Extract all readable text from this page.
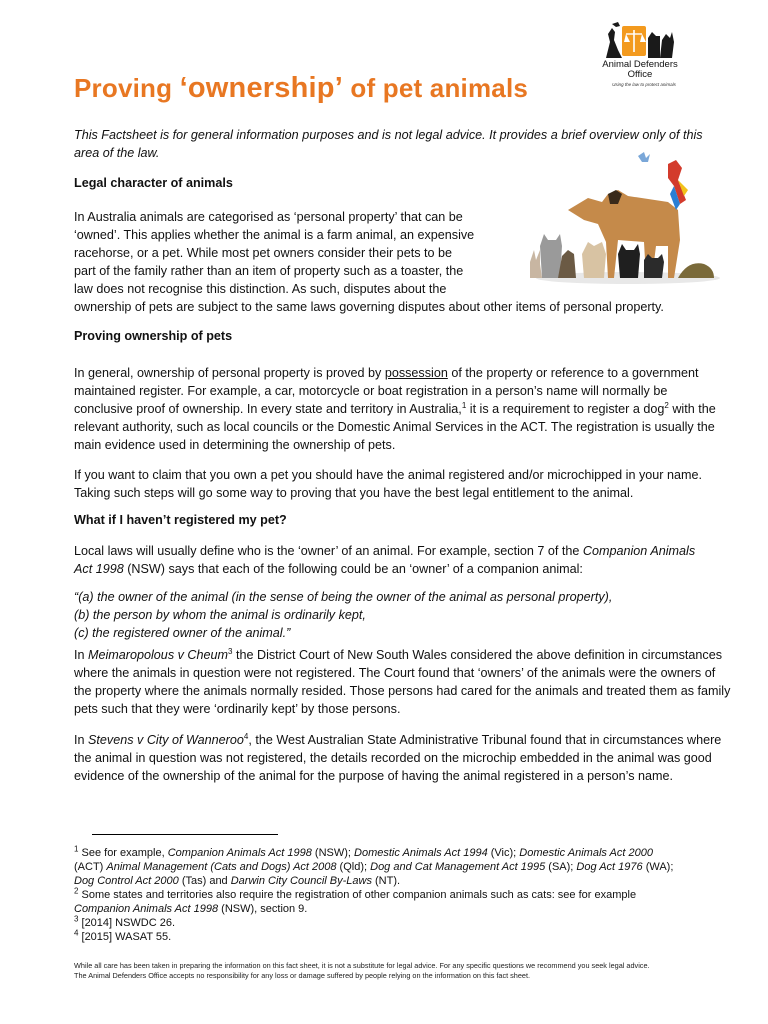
Animal Defenders
Office
Using the law to protect animals
Proving ‘ownership’ of pet animals

This Factsheet is for general information purposes and is not legal advice. It provides a brief overview only of this area of the law.

Legal character of animals

In Australia animals are categorised as ‘personal property’ that can be

‘owned’. This applies whether the animal is a farm animal, an expensive

racehorse, or a pet. While most pet owners consider their pets to be

part of the family rather than an item of property such as a toaster, the

law does not recognise this distinction. As such, disputes about the

ownership of pets are subject to the same laws governing disputes about other items of personal property.

Proving ownership of pets

In general, ownership of personal property is proved by possession of the property or reference to a government maintained register. For example, a car, motorcycle or boat registration in a person’s name will normally be conclusive proof of ownership. In every state and territory in Australia,$^1$ it is a requirement to register a dog$^2$ with the relevant authority, such as local councils or the Domestic Animal Services in the ACT. The registration is usually the main evidence used in determining the ownership of pets.

If you want to claim that you own a pet you should have the animal registered and/or microchipped in your name. Taking such steps will go some way to proving that you have the best legal entitlement to the animal.

What if I haven’t registered my pet?

Local laws will usually define who is the ‘owner’ of an animal. For example, section 7 of the Companion Animals Act 1998 (NSW) says that each of the following could be an ‘owner’ of a companion animal:

“(a) the owner of the animal (in the sense of being the owner of the animal as personal property),

(b) the person by whom the animal is ordinarily kept,

(c) the registered owner of the animal.”

In Meimaropolous v Cheum$^3$ the District Court of New South Wales considered the above definition in circumstances where the animals in question were not registered. The Court found that ‘owners’ of the animals were the owners of the property where the animals normally resided. Those persons had cared for the animals and treated them as family pets such that they were ‘ordinarily kept’ by those persons.

In Stevens v City of Wanneroo$^4$, the West Australian State Administrative Tribunal found that in circumstances where the animal in question was not registered, the details recorded on the microchip embedded in the animal was good evidence of the ownership of the animal for the purpose of having the animal registered in a person’s name.

$^1$ See for example, Companion Animals Act 1998 (NSW); Domestic Animals Act 1994 (Vic); Domestic Animals Act 2000 (ACT) Animal Management (Cats and Dogs) Act 2008 (Qld); Dog and Cat Management Act 1995 (SA); Dog Act 1976 (WA); Dog Control Act 2000 (Tas) and Darwin City Council By-Laws (NT).

$^2$ Some states and territories also require the registration of other companion animals such as cats: see for example Companion Animals Act 1998 (NSW), section 9.

$^3$ [2014] NSWDC 26.

$^4$ [2015] WASAT 55.

While all care has been taken in preparing the information on this fact sheet, it is not a substitute for legal advice. For any specific questions we recommend you seek legal advice.

The Animal Defenders Office accepts no responsibility for any loss or damage suffered by people relying on the information on this fact sheet.
